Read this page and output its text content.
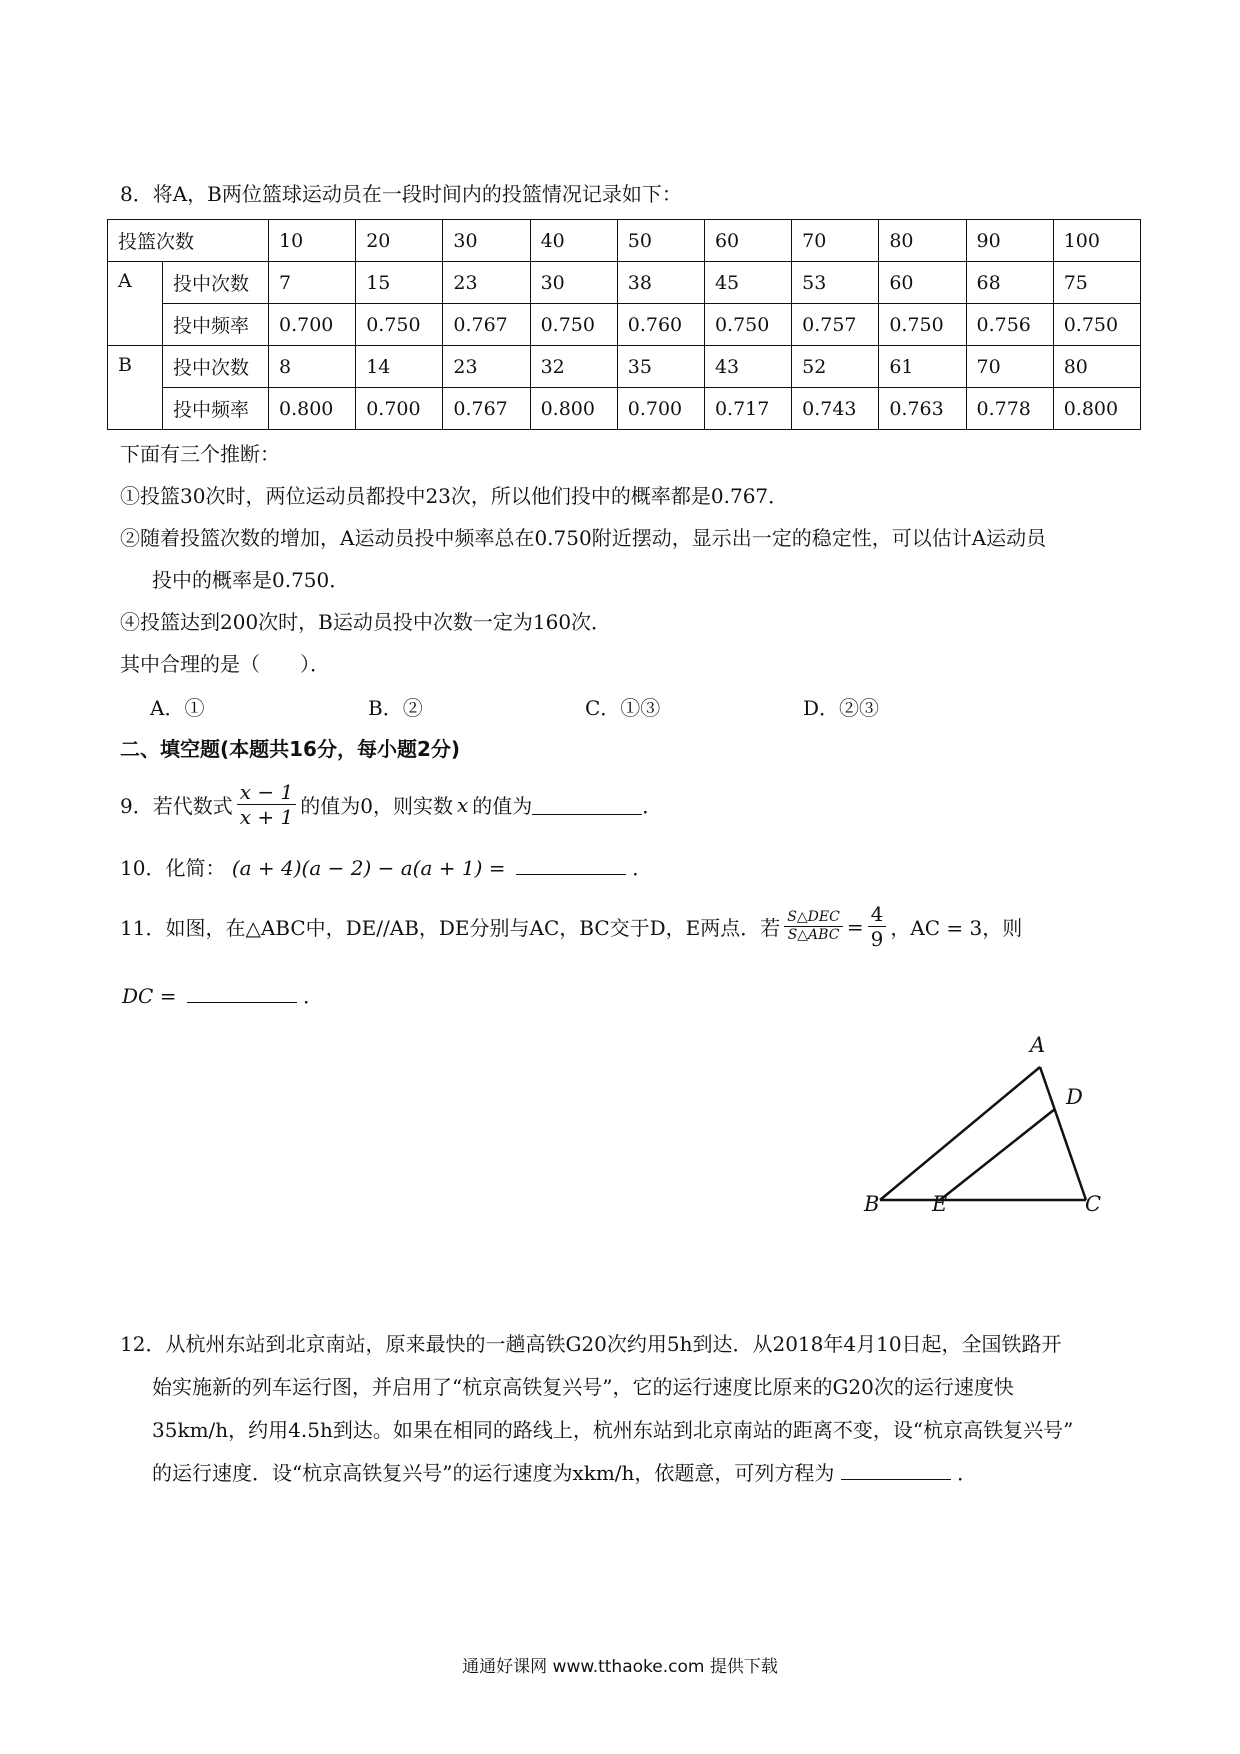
8．将A，B两位篮球运动员在一段时间内的投篮情况记录如下：
投篮次数		10	20	30	40	50	60	70	80	90	100
A	投中次数	7	15	23	30	38	45	53	60	68	75
	投中频率	0.700	0.750	0.767	0.750	0.760	0.750	0.757	0.750	0.756	0.750
B	投中次数	8	14	23	32	35	43	52	61	70	80
	投中频率	0.800	0.700	0.767	0.800	0.700	0.717	0.743	0.763	0.778	0.800
下面有三个推断：
①投篮30次时，两位运动员都投中23次，所以他们投中的概率都是0.767．
②随着投篮次数的增加，A运动员投中频率总在0.750附近摆动，显示出一定的稳定性，可以估计A运动员
投中的概率是0.750．
④投篮达到200次时，B运动员投中次数一定为160次．
其中合理的是（　　）．
A．①	B．②	C．①③	D．②③
二、填空题(本题共16分，每小题2分)
9．若代数式 $\frac{x - 1}{x + 1}$ 的值为0，则实数 x 的值为	．
10．化简： (a + 4)(a − 2) − a(a + 1) =	．
11．如图，在△ABC中，DE//AB，DE分别与AC，BC交于D，E两点．若 $\frac{\text{S△DEC}}{\text{S△ABC}} = \frac{4}{9}$ ，AC = 3，则
DC =	．
A
D
B	E	C
12．从杭州东站到北京南站，原来最快的一趟高铁G20次约用5h到达．从2018年4月10日起，全国铁路开
始实施新的列车运行图，并启用了“杭京高铁复兴号”，它的运行速度比原来的G20次的运行速度快
35km/h，约用4.5h到达。如果在相同的路线上，杭州东站到北京南站的距离不变，设“杭京高铁复兴号”
的运行速度．设“杭京高铁复兴号”的运行速度为xkm/h，依题意，可列方程为	．
通通好课网 www.tthaoke.com 提供下载
